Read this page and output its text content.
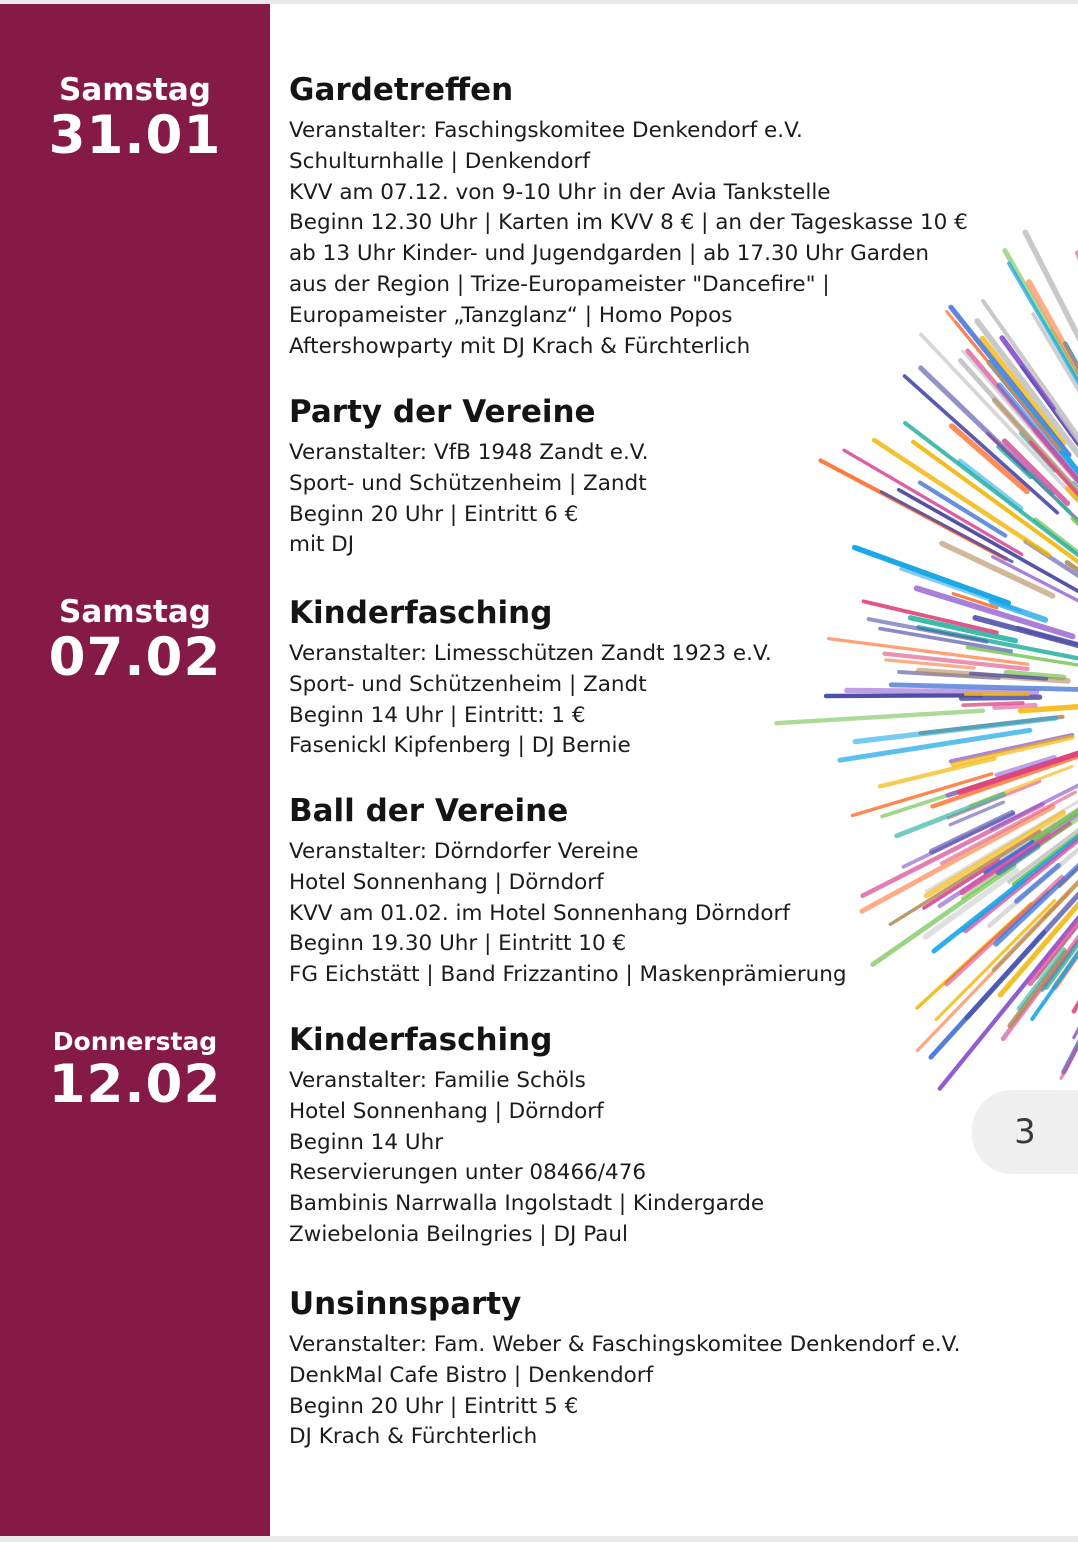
Samstag
31.01
Samstag
07.02
Donnerstag
12.02
Gardetreffen
Veranstalter: Faschingskomitee Denkendorf e.V.
Schulturnhalle | Denkendorf
KVV am 07.12. von 9-10 Uhr in der Avia Tankstelle
Beginn 12.30 Uhr | Karten im KVV 8 € | an der Tageskasse 10 €
ab 13 Uhr Kinder- und Jugendgarden | ab 17.30 Uhr Garden
aus der Region | Trize-Europameister "Dancefire" |
Europameister „Tanzglanz“ | Homo Popos
Aftershowparty mit DJ Krach & Fürchterlich
Party der Vereine
Veranstalter: VfB 1948 Zandt e.V.
Sport- und Schützenheim | Zandt
Beginn 20 Uhr | Eintritt 6 €
mit DJ
Kinderfasching
Veranstalter: Limesschützen Zandt 1923 e.V.
Sport- und Schützenheim | Zandt
Beginn 14 Uhr | Eintritt: 1 €
Fasenickl Kipfenberg | DJ Bernie
Ball der Vereine
Veranstalter: Dörndorfer Vereine
Hotel Sonnenhang | Dörndorf
KVV am 01.02. im Hotel Sonnenhang Dörndorf
Beginn 19.30 Uhr | Eintritt 10 €
FG Eichstätt | Band Frizzantino | Maskenprämierung
Kinderfasching
Veranstalter: Familie Schöls
Hotel Sonnenhang | Dörndorf
Beginn 14 Uhr
Reservierungen unter 08466/476
Bambinis Narrwalla Ingolstadt | Kindergarde
Zwiebelonia Beilngries | DJ Paul
Unsinnsparty
Veranstalter: Fam. Weber & Faschingskomitee Denkendorf e.V.
DenkMal Cafe Bistro | Denkendorf
Beginn 20 Uhr | Eintritt 5 €
DJ Krach & Fürchterlich
3
